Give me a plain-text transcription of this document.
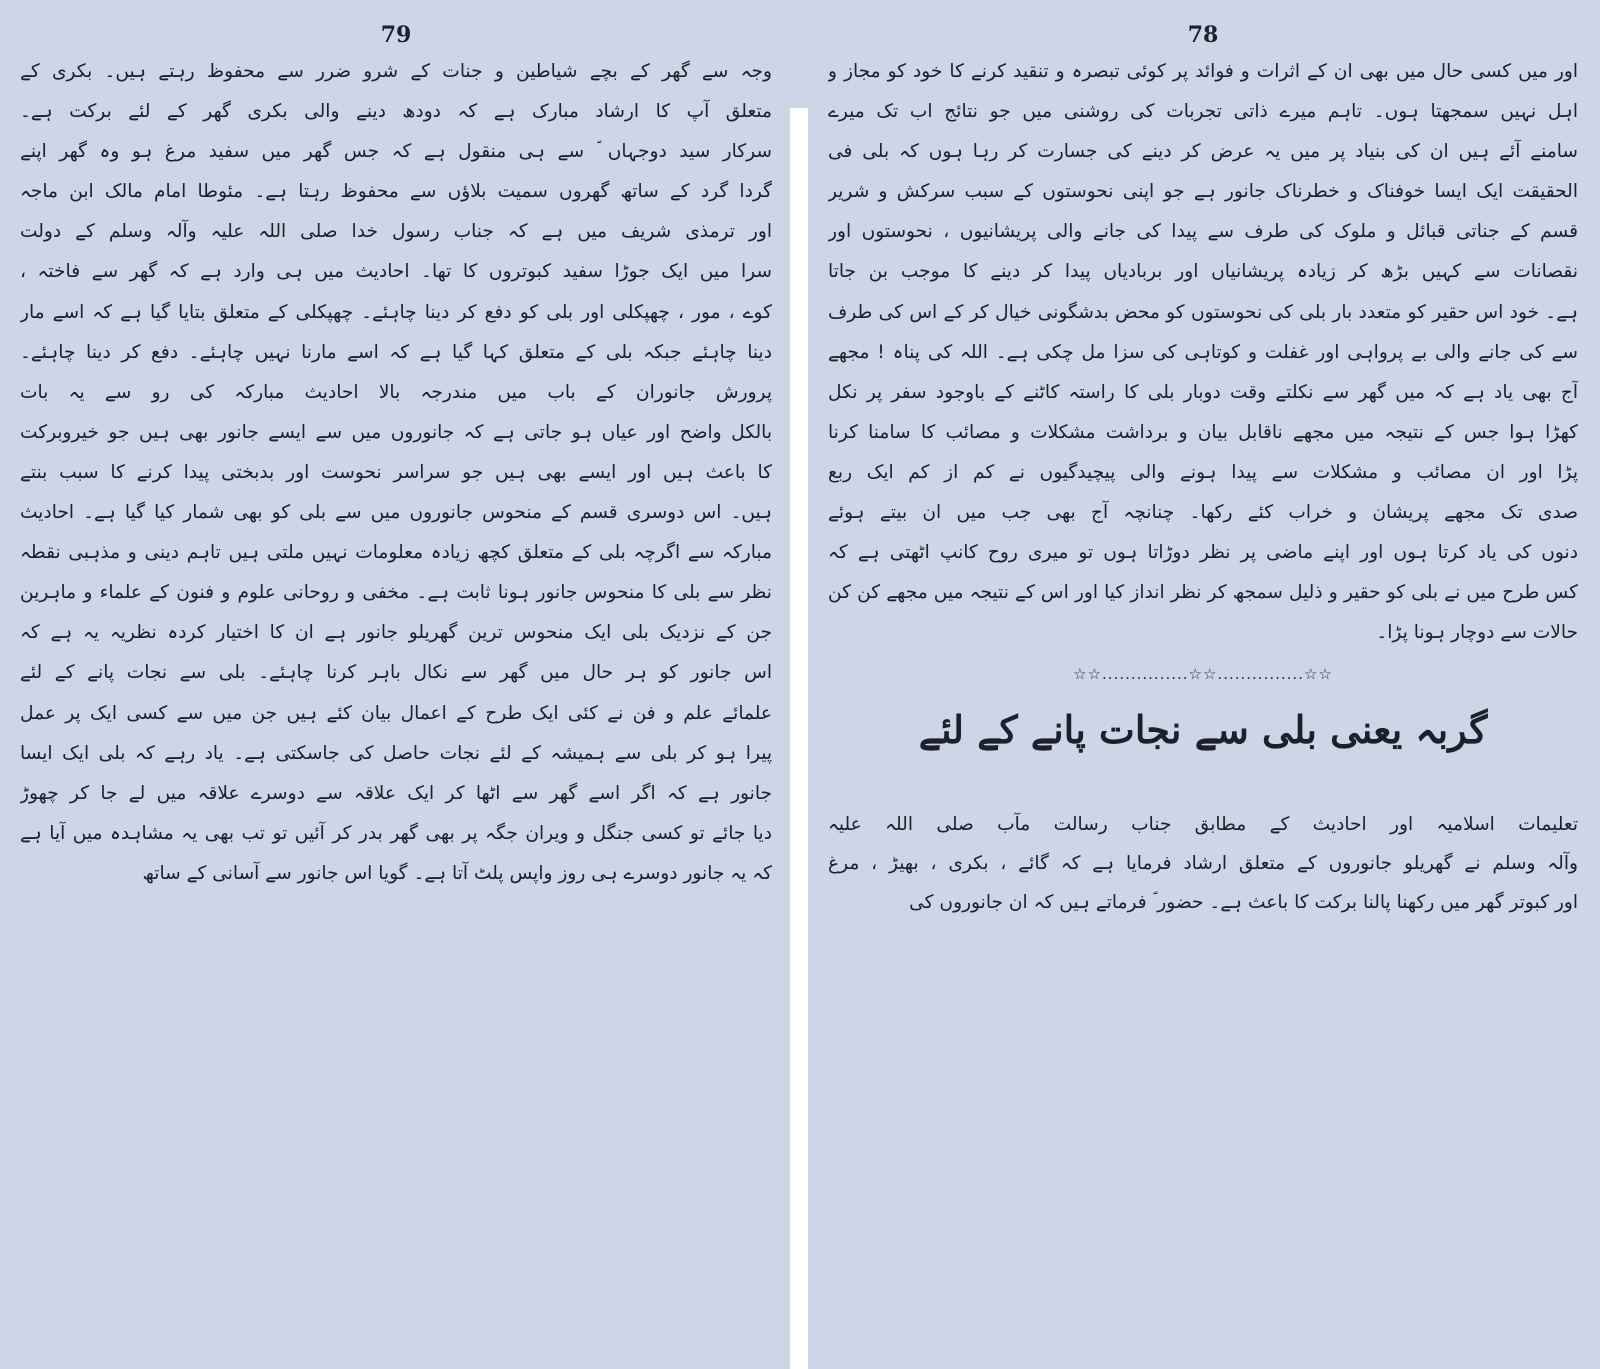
79
وجہ سے گھر کے بچے شیاطین و جنات کے شرو ضرر سے محفوظ رہتے ہیں۔ بکری کے
متعلق آپ کا ارشاد مبارک ہے کہ دودھ دینے والی بکری گھر کے لئے برکت ہے۔
سرکار سید دوجہاں ؐ سے ہی منقول ہے کہ جس گھر میں سفید مرغ ہو وہ گھر اپنے
گردا گرد کے ساتھ گھروں سمیت بلاؤں سے محفوظ رہتا ہے۔ مئوطا امام مالک ابن ماجہ
اور ترمذی شریف میں ہے کہ جناب رسول خدا صلی اللہ علیہ وآلہ وسلم کے دولت
سرا میں ایک جوڑا سفید کبوتروں کا تھا۔ احادیث میں ہی وارد ہے کہ گھر سے فاختہ ،
کوے ، مور ، چھپکلی اور بلی کو دفع کر دینا چاہئے۔ چھپکلی کے متعلق بتایا گیا ہے کہ اسے مار
دینا چاہئے جبکہ بلی کے متعلق کہا گیا ہے کہ اسے مارنا نہیں چاہئے۔ دفع کر دینا چاہئے۔
پرورش جانوران کے باب میں مندرجہ بالا احادیث مبارکہ کی رو سے یہ بات
بالکل واضح اور عیاں ہو جاتی ہے کہ جانوروں میں سے ایسے جانور بھی ہیں جو خیروبرکت
کا باعث ہیں اور ایسے بھی ہیں جو سراسر نحوست اور بدبختی پیدا کرنے کا سبب بنتے
ہیں۔ اس دوسری قسم کے منحوس جانوروں میں سے بلی کو بھی شمار کیا گیا ہے۔ احادیث
مبارکہ سے اگرچہ بلی کے متعلق کچھ زیادہ معلومات نہیں ملتی ہیں تاہم دینی و مذہبی نقطہ
نظر سے بلی کا منحوس جانور ہونا ثابت ہے۔ مخفی و روحانی علوم و فنون کے علماء و ماہرین
جن کے نزدیک بلی ایک منحوس ترین گھریلو جانور ہے ان کا اختیار کردہ نظریہ یہ ہے کہ
اس جانور کو ہر حال میں گھر سے نکال باہر کرنا چاہئے۔ بلی سے نجات پانے کے لئے
علمائے علم و فن نے کئی ایک طرح کے اعمال بیان کئے ہیں جن میں سے کسی ایک پر عمل
پیرا ہو کر بلی سے ہمیشہ کے لئے نجات حاصل کی جاسکتی ہے۔ یاد رہے کہ بلی ایک ایسا
جانور ہے کہ اگر اسے گھر سے اٹھا کر ایک علاقہ سے دوسرے علاقہ میں لے جا کر چھوڑ
دیا جائے تو کسی جنگل و ویران جگہ پر بھی گھر بدر کر آئیں تو تب بھی یہ مشاہدہ میں آیا ہے
کہ یہ جانور دوسرے ہی روز واپس پلٹ آتا ہے۔ گویا اس جانور سے آسانی کے ساتھ
78
اور میں کسی حال میں بھی ان کے اثرات و فوائد پر کوئی تبصرہ و تنقید کرنے کا خود کو مجاز و
اہل نہیں سمجھتا ہوں۔ تاہم میرے ذاتی تجربات کی روشنی میں جو نتائج اب تک میرے
سامنے آئے ہیں ان کی بنیاد پر میں یہ عرض کر دینے کی جسارت کر رہا ہوں کہ بلی فی
الحقیقت ایک ایسا خوفناک و خطرناک جانور ہے جو اپنی نحوستوں کے سبب سرکش و شریر
قسم کے جناتی قبائل و ملوک کی طرف سے پیدا کی جانے والی پریشانیوں ، نحوستوں اور
نقصانات سے کہیں بڑھ کر زیادہ پریشانیاں اور بربادیاں پیدا کر دینے کا موجب بن جاتا
ہے۔ خود اس حقیر کو متعدد بار بلی کی نحوستوں کو محض بدشگونی خیال کر کے اس کی طرف
سے کی جانے والی بے پرواہی اور غفلت و کوتاہی کی سزا مل چکی ہے۔ اللہ کی پناہ ! مجھے
آج بھی یاد ہے کہ میں گھر سے نکلتے وقت دوبار بلی کا راستہ کاٹنے کے باوجود سفر پر نکل
کھڑا ہوا جس کے نتیجہ میں مجھے ناقابل بیان و برداشت مشکلات و مصائب کا سامنا کرنا
پڑا اور ان مصائب و مشکلات سے پیدا ہونے والی پیچیدگیوں نے کم از کم ایک ربع
صدی تک مجھے پریشان و خراب کئے رکھا۔ چنانچہ آج بھی جب میں ان بیتے ہوئے
دنوں کی یاد کرتا ہوں اور اپنے ماضی پر نظر دوڑاتا ہوں تو میری روح کانپ اٹھتی ہے کہ
کس طرح میں نے بلی کو حقیر و ذلیل سمجھ کر نظر انداز کیا اور اس کے نتیجہ میں مجھے کن کن
حالات سے دوچار ہونا پڑا۔
☆☆...............☆☆...............☆☆
گربہ یعنی بلی سے نجات پانے کے لئے
تعلیمات اسلامیہ اور احادیث کے مطابق جناب رسالت مآب صلی اللہ علیہ
وآلہ وسلم نے گھریلو جانوروں کے متعلق ارشاد فرمایا ہے کہ گائے ، بکری ، بھیڑ ، مرغ
اور کبوتر گھر میں رکھنا پالنا برکت کا باعث ہے۔ حضور ؐ فرماتے ہیں کہ ان جانوروں کی
